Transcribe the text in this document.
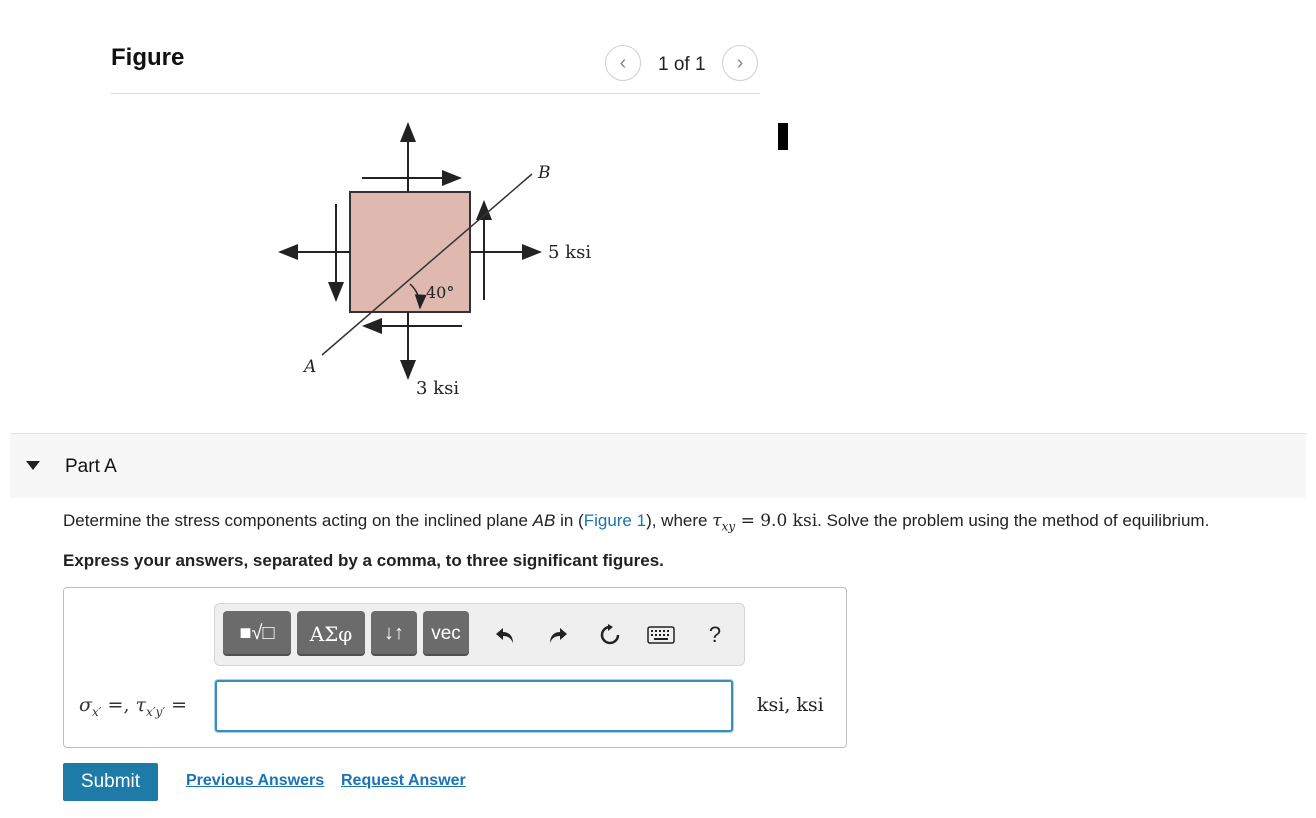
Figure	‹ 1 of 1 ›
B
A
40°
5 ksi
3 ksi
Part A
Determine the stress components acting on the inclined plane AB in (Figure 1), where $\tau_{xy} = 9.0$ ksi. Solve the problem using the method of equilibrium.
Express your answers, separated by a comma, to three significant figures.
■√□	ΑΣφ	↓↑	vec	?
$\sigma_{x'}$ =, $\tau_{x'y'}$ =	ksi, ksi
Submit	Previous Answers Request Answer
